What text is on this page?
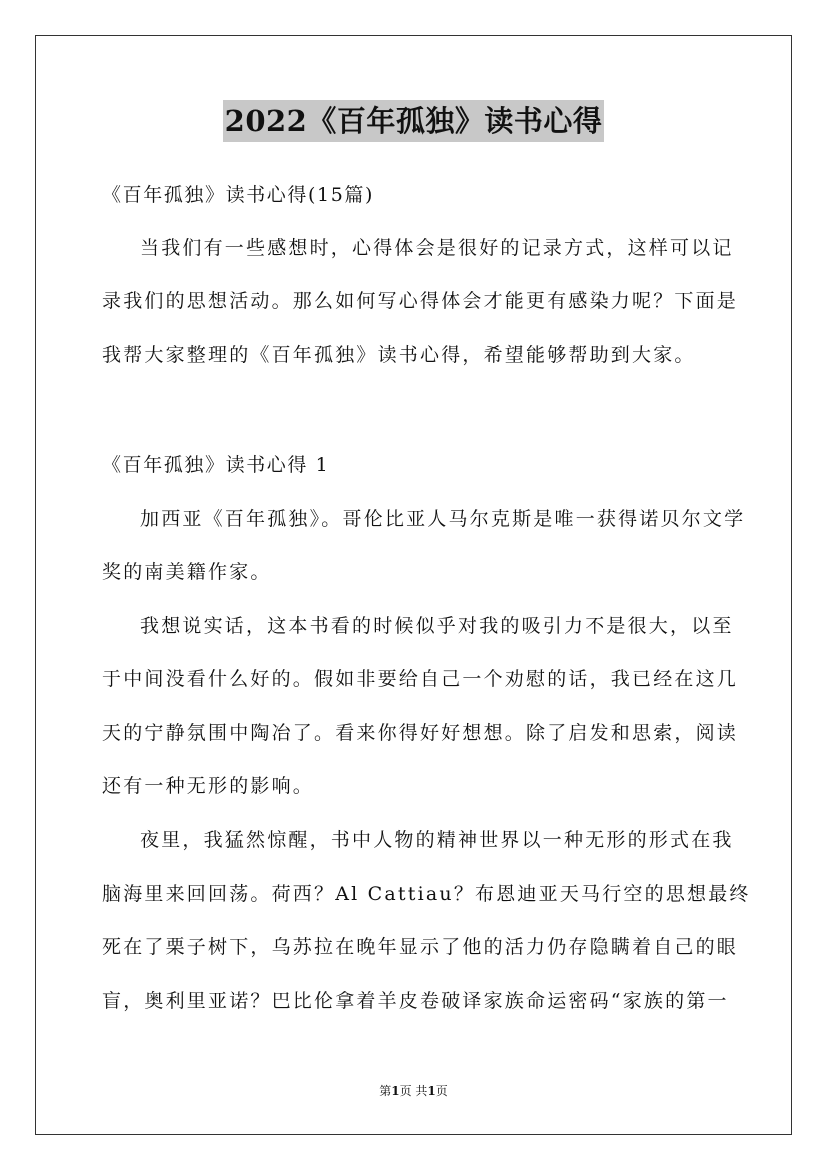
2022《百年孤独》读书心得
《百年孤独》读书心得(15篇)
当我们有一些感想时，心得体会是很好的记录方式，这样可以记
录我们的思想活动。那么如何写心得体会才能更有感染力呢？下面是
我帮大家整理的《百年孤独》读书心得，希望能够帮助到大家。
《百年孤独》读书心得 1
加西亚《百年孤独》。哥伦比亚人马尔克斯是唯一获得诺贝尔文学
奖的南美籍作家。
我想说实话，这本书看的时候似乎对我的吸引力不是很大，以至
于中间没看什么好的。假如非要给自己一个劝慰的话，我已经在这几
天的宁静氛围中陶冶了。看来你得好好想想。除了启发和思索，阅读
还有一种无形的影响。
夜里，我猛然惊醒，书中人物的精神世界以一种无形的形式在我
脑海里来回回荡。荷西？Al Cattiau？布恩迪亚天马行空的思想最终
死在了栗子树下，乌苏拉在晚年显示了他的活力仍存隐瞒着自己的眼
盲，奥利里亚诺？巴比伦拿着羊皮卷破译家族命运密码“家族的第一
第1页 共1页
